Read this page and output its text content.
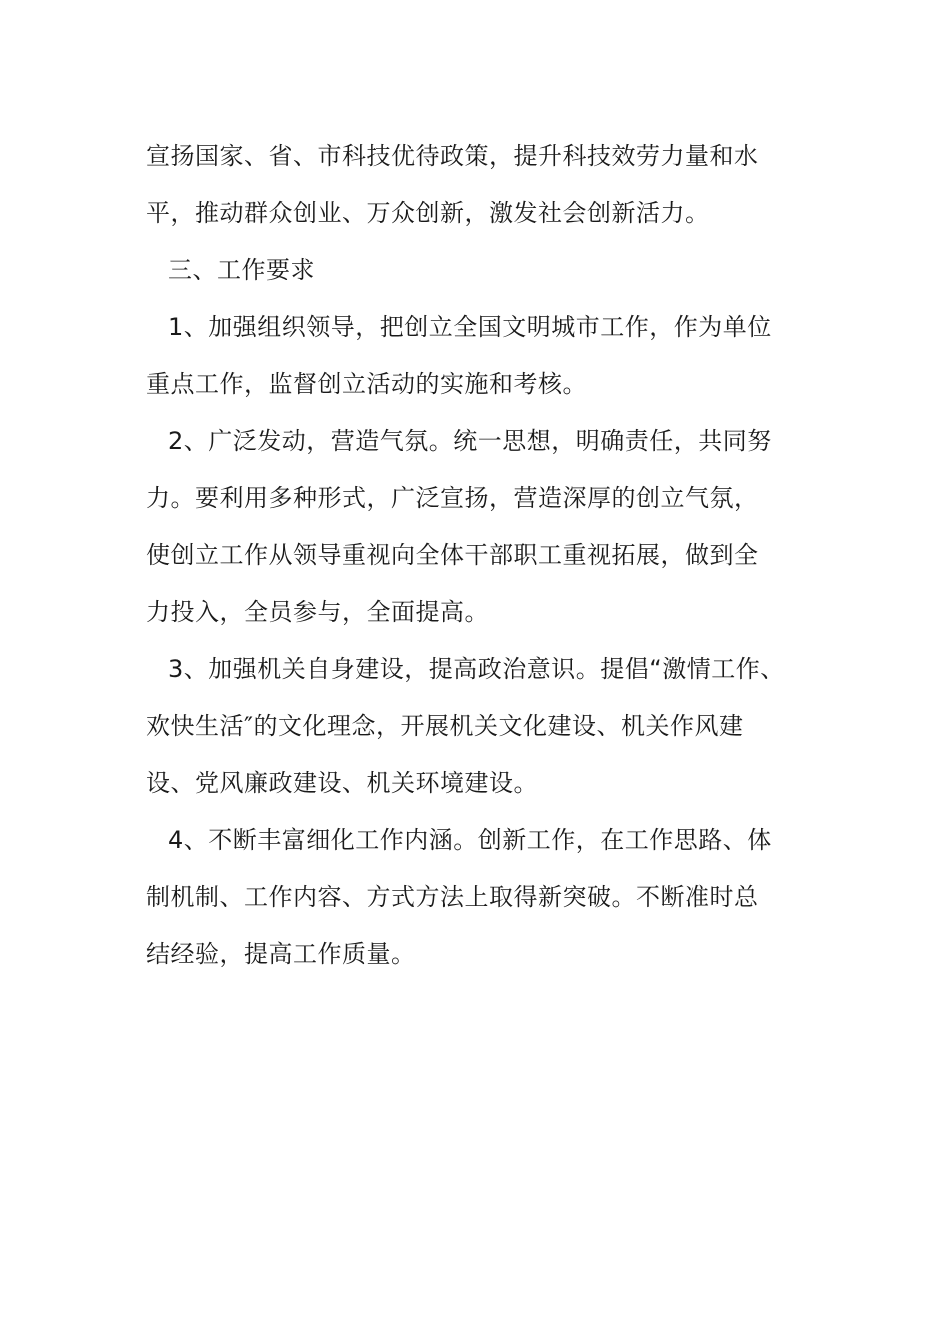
宣扬国家、省、市科技优待政策，提升科技效劳力量和水
平，推动群众创业、万众创新，激发社会创新活力。
三、工作要求
1、加强组织领导，把创立全国文明城市工作，作为单位
重点工作，监督创立活动的实施和考核。
2、广泛发动，营造气氛。统一思想，明确责任，共同努
力。要利用多种形式，广泛宣扬，营造深厚的创立气氛，
使创立工作从领导重视向全体干部职工重视拓展，做到全
力投入，全员参与，全面提高。
3、加强机关自身建设，提高政治意识。提倡“激情工作、
欢快生活″的文化理念，开展机关文化建设、机关作风建
设、党风廉政建设、机关环境建设。
4、不断丰富细化工作内涵。创新工作，在工作思路、体
制机制、工作内容、方式方法上取得新突破。不断准时总
结经验，提高工作质量。
